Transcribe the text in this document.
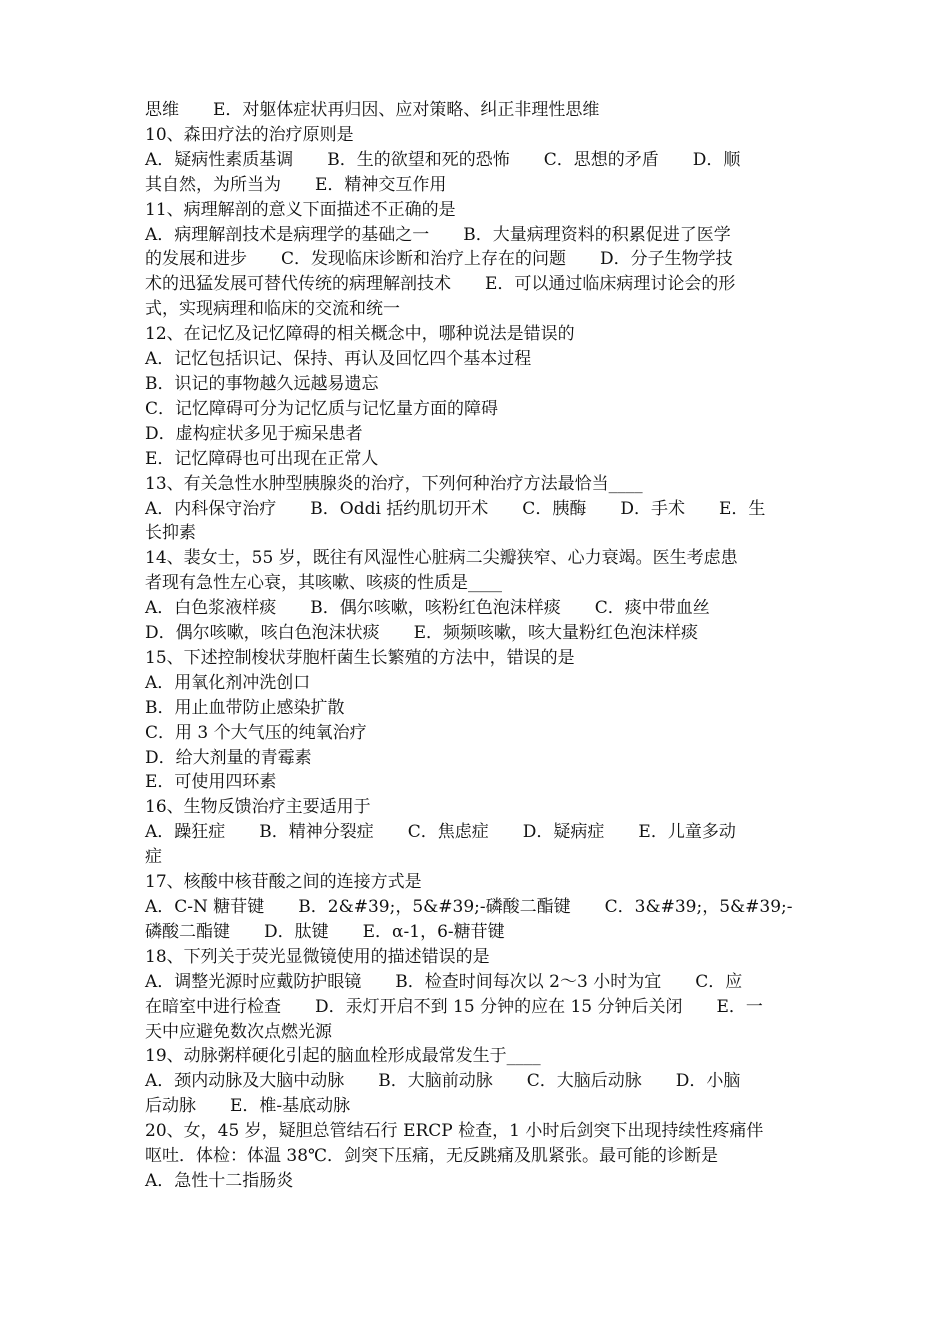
思维　　E．对躯体症状再归因、应对策略、纠正非理性思维
10、森田疗法的治疗原则是
A．疑病性素质基调　　B．生的欲望和死的恐怖　　C．思想的矛盾　　D．顺
其自然，为所当为　　E．精神交互作用
11、病理解剖的意义下面描述不正确的是
A．病理解剖技术是病理学的基础之一　　B．大量病理资料的积累促进了医学
的发展和进步　　C．发现临床诊断和治疗上存在的问题　　D．分子生物学技
术的迅猛发展可替代传统的病理解剖技术　　E．可以通过临床病理讨论会的形
式，实现病理和临床的交流和统一
12、在记忆及记忆障碍的相关概念中，哪种说法是错误的
A．记忆包括识记、保持、再认及回忆四个基本过程
B．识记的事物越久远越易遗忘
C．记忆障碍可分为记忆质与记忆量方面的障碍
D．虚构症状多见于痴呆患者
E．记忆障碍也可出现在正常人
13、有关急性水肿型胰腺炎的治疗，下列何种治疗方法最恰当____
A．内科保守治疗　　B．Oddi 括约肌切开术　　C．胰酶　　D．手术　　E．生
长抑素
14、裴女士，55 岁，既往有风湿性心脏病二尖瓣狭窄、心力衰竭。医生考虑患
者现有急性左心衰，其咳嗽、咳痰的性质是____
A．白色浆液样痰　　B．偶尔咳嗽，咳粉红色泡沫样痰　　C．痰中带血丝
D．偶尔咳嗽，咳白色泡沫状痰　　E．频频咳嗽，咳大量粉红色泡沫样痰
15、下述控制梭状芽胞杆菌生长繁殖的方法中，错误的是
A．用氧化剂冲洗创口
B．用止血带防止感染扩散
C．用 3 个大气压的纯氧治疗
D．给大剂量的青霉素
E．可使用四环素
16、生物反馈治疗主要适用于
A．躁狂症　　B．精神分裂症　　C．焦虑症　　D．疑病症　　E．儿童多动
症
17、核酸中核苷酸之间的连接方式是
A．C-N 糖苷键　　B．2&#39;，5&#39;-磷酸二酯键　　C．3&#39;，5&#39;-
磷酸二酯键　　D．肽键　　E．α-1，6-糖苷键
18、下列关于荧光显微镜使用的描述错误的是
A．调整光源时应戴防护眼镜　　B．检查时间每次以 2～3 小时为宜　　C．应
在暗室中进行检查　　D．汞灯开启不到 15 分钟的应在 15 分钟后关闭　　E．一
天中应避免数次点燃光源
19、动脉粥样硬化引起的脑血栓形成最常发生于____
A．颈内动脉及大脑中动脉　　B．大脑前动脉　　C．大脑后动脉　　D．小脑
后动脉　　E．椎-基底动脉
20、女，45 岁，疑胆总管结石行 ERCP 检查，1 小时后剑突下出现持续性疼痛伴
呕吐．体检：体温 38℃．剑突下压痛，无反跳痛及肌紧张。最可能的诊断是
A．急性十二指肠炎
